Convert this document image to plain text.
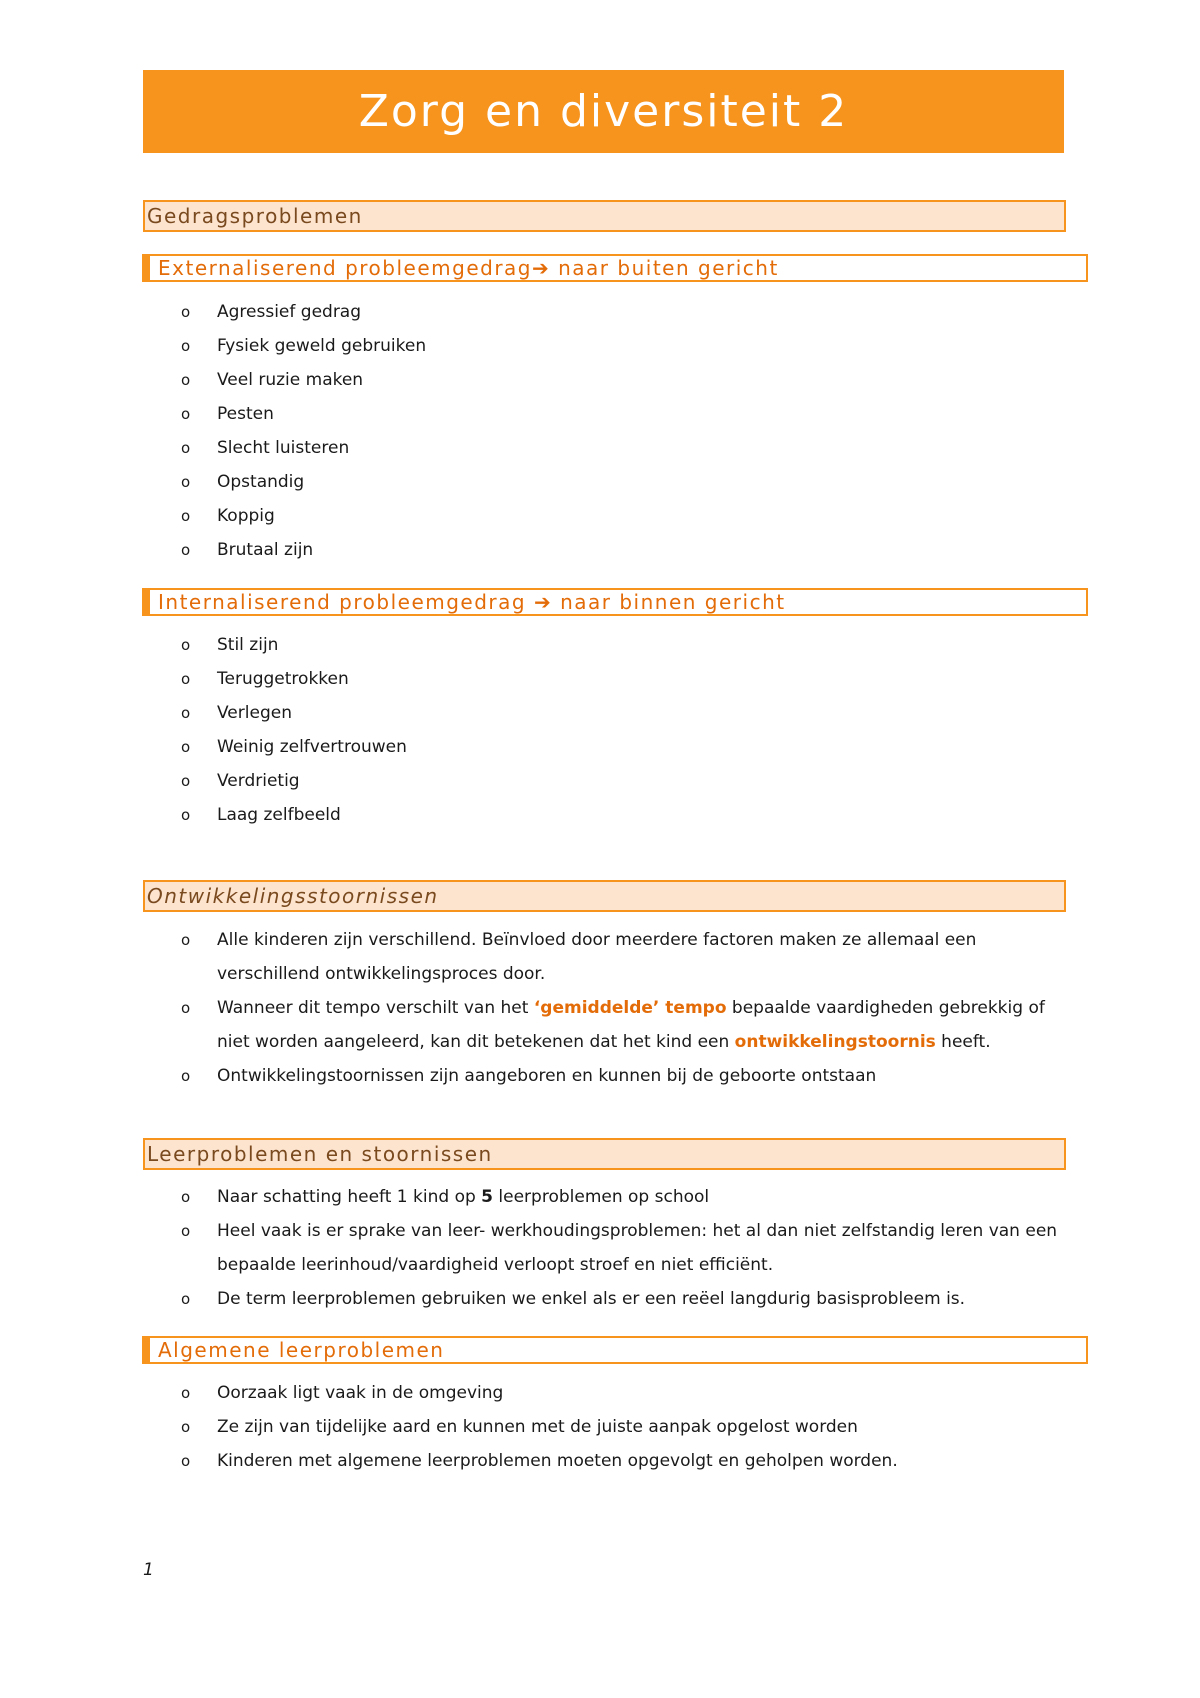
Zorg en diversiteit 2
Gedragsproblemen
Externaliserend probleemgedrag➔ naar buiten gericht
o Agressief gedrag
o Fysiek geweld gebruiken
o Veel ruzie maken
o Pesten
o Slecht luisteren
o Opstandig
o Koppig
o Brutaal zijn
Internaliserend probleemgedrag ➔ naar binnen gericht
o Stil zijn
o Teruggetrokken
o Verlegen
o Weinig zelfvertrouwen
o Verdrietig
o Laag zelfbeeld
Ontwikkelingsstoornissen
o Alle kinderen zijn verschillend. Beïnvloed door meerdere factoren maken ze allemaal een verschillend ontwikkelingsproces door.
o Wanneer dit tempo verschilt van het ‘gemiddelde’ tempo bepaalde vaardigheden gebrekkig of niet worden aangeleerd, kan dit betekenen dat het kind een ontwikkelingstoornis heeft.
o Ontwikkelingstoornissen zijn aangeboren en kunnen bij de geboorte ontstaan
Leerproblemen en stoornissen
o Naar schatting heeft 1 kind op 5 leerproblemen op school
o Heel vaak is er sprake van leer- werkhoudingsproblemen: het al dan niet zelfstandig leren van een bepaalde leerinhoud/vaardigheid verloopt stroef en niet efficiënt.
o De term leerproblemen gebruiken we enkel als er een reëel langdurig basisprobleem is.
Algemene leerproblemen
o Oorzaak ligt vaak in de omgeving
o Ze zijn van tijdelijke aard en kunnen met de juiste aanpak opgelost worden
o Kinderen met algemene leerproblemen moeten opgevolgt en geholpen worden.
1
